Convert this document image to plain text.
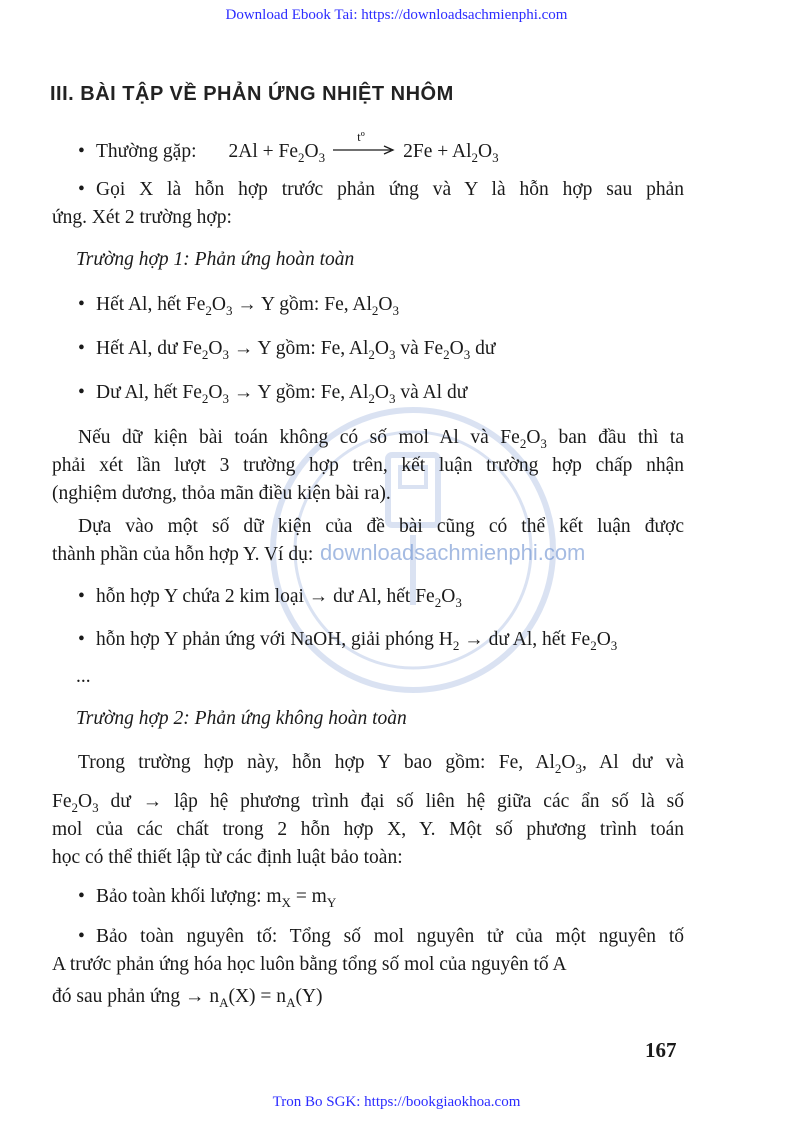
Download Ebook Tai: https://downloadsachmienphi.com
downloadsachmienphi.com
III. BÀI TẬP VỀ PHẢN ỨNG NHIỆT NHÔM
• Thường gặp: $2Al + Fe_2O_3$
tº
$2Fe + Al_2O_3$
• Gọi X là hỗn hợp trước phản ứng và Y là hỗn hợp sau phản
ứng. Xét 2 trường hợp:
Trường hợp 1: Phản ứng hoàn toàn
• Hết Al, hết $Fe_2O_3 \to Y$ gồm: Fe, $Al_2O_3$
• Hết Al, dư $Fe_2O_3 \to Y$ gồm: Fe, $Al_2O_3$ và $Fe_2O_3$ dư
• Dư Al, hết $Fe_2O_3 \to Y$ gồm: Fe, $Al_2O_3$ và Al dư
Nếu dữ kiện bài toán không có số mol Al và $Fe_2O_3$ ban đầu thì ta
phải xét lần lượt 3 trường hợp trên, kết luận trường hợp chấp nhận
(nghiệm dương, thỏa mãn điều kiện bài ra).
Dựa vào một số dữ kiện của đề bài cũng có thể kết luận được
thành phần của hỗn hợp Y. Ví dụ:
• hỗn hợp Y chứa 2 kim loại → dư Al, hết $Fe_2O_3$
• hỗn hợp Y phản ứng với NaOH, giải phóng $H_2$ → dư Al, hết $Fe_2O_3$
...
Trường hợp 2: Phản ứng không hoàn toàn
Trong trường hợp này, hỗn hợp Y bao gồm: Fe, $Al_2O_3$, Al dư và
$Fe_2O_3$ dư → lập hệ phương trình đại số liên hệ giữa các ẩn số là số
mol của các chất trong 2 hỗn hợp X, Y. Một số phương trình toán
học có thể thiết lập từ các định luật bảo toàn:
• Bảo toàn khối lượng: $m_X = m_Y$
• Bảo toàn nguyên tố: Tổng số mol nguyên tử của một nguyên tố
A trước phản ứng hóa học luôn bằng tổng số mol của nguyên tố A
đó sau phản ứng → $n_A(X) = n_A(Y)$
167
Tron Bo SGK: https://bookgiaokhoa.com
